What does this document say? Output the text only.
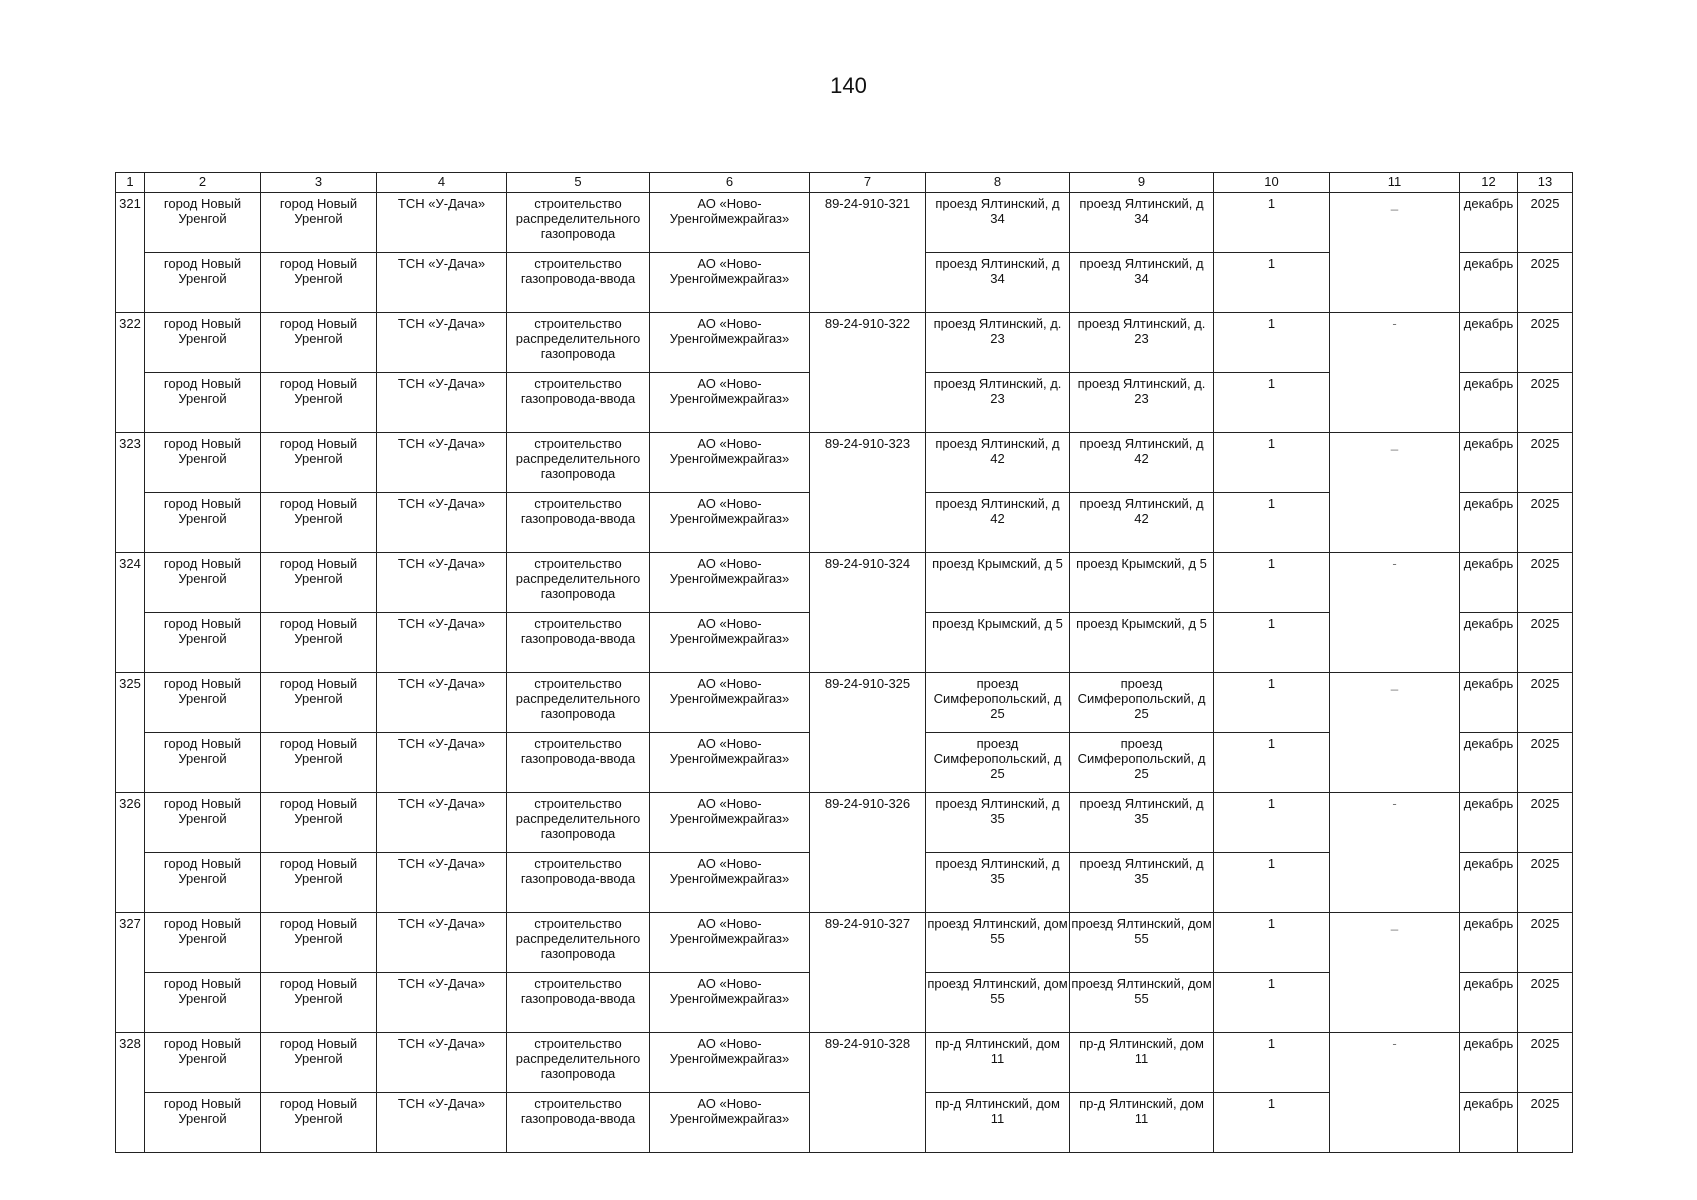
140
1	2	3	4	5	6	7	8	9	10	11	12	13
321	город Новый Уренгой	город Новый Уренгой	ТСН «У-Дача»	строительство распределительного газопровода	АО «Ново-Уренгоймежрайгаз»	89-24-910-321	проезд Ялтинский, д 34	проезд Ялтинский, д 34	1	_	декабрь	2025
	город Новый Уренгой	город Новый Уренгой	ТСН «У-Дача»	строительство газопровода-ввода	АО «Ново-Уренгоймежрайгаз»		проезд Ялтинский, д 34	проезд Ялтинский, д 34	1		декабрь	2025
322	город Новый Уренгой	город Новый Уренгой	ТСН «У-Дача»	строительство распределительного газопровода	АО «Ново-Уренгоймежрайгаз»	89-24-910-322	проезд Ялтинский, д. 23	проезд Ялтинский, д. 23	1	-	декабрь	2025
	город Новый Уренгой	город Новый Уренгой	ТСН «У-Дача»	строительство газопровода-ввода	АО «Ново-Уренгоймежрайгаз»		проезд Ялтинский, д. 23	проезд Ялтинский, д. 23	1		декабрь	2025
323	город Новый Уренгой	город Новый Уренгой	ТСН «У-Дача»	строительство распределительного газопровода	АО «Ново-Уренгоймежрайгаз»	89-24-910-323	проезд Ялтинский, д 42	проезд Ялтинский, д 42	1	_	декабрь	2025
	город Новый Уренгой	город Новый Уренгой	ТСН «У-Дача»	строительство газопровода-ввода	АО «Ново-Уренгоймежрайгаз»		проезд Ялтинский, д 42	проезд Ялтинский, д 42	1		декабрь	2025
324	город Новый Уренгой	город Новый Уренгой	ТСН «У-Дача»	строительство распределительного газопровода	АО «Ново-Уренгоймежрайгаз»	89-24-910-324	проезд Крымский, д 5	проезд Крымский, д 5	1	-	декабрь	2025
	город Новый Уренгой	город Новый Уренгой	ТСН «У-Дача»	строительство газопровода-ввода	АО «Ново-Уренгоймежрайгаз»		проезд Крымский, д 5	проезд Крымский, д 5	1		декабрь	2025
325	город Новый Уренгой	город Новый Уренгой	ТСН «У-Дача»	строительство распределительного газопровода	АО «Ново-Уренгоймежрайгаз»	89-24-910-325	проезд Симферопольский, д 25	проезд Симферопольский, д 25	1	_	декабрь	2025
	город Новый Уренгой	город Новый Уренгой	ТСН «У-Дача»	строительство газопровода-ввода	АО «Ново-Уренгоймежрайгаз»		проезд Симферопольский, д 25	проезд Симферопольский, д 25	1		декабрь	2025
326	город Новый Уренгой	город Новый Уренгой	ТСН «У-Дача»	строительство распределительного газопровода	АО «Ново-Уренгоймежрайгаз»	89-24-910-326	проезд Ялтинский, д 35	проезд Ялтинский, д 35	1	-	декабрь	2025
	город Новый Уренгой	город Новый Уренгой	ТСН «У-Дача»	строительство газопровода-ввода	АО «Ново-Уренгоймежрайгаз»		проезд Ялтинский, д 35	проезд Ялтинский, д 35	1		декабрь	2025
327	город Новый Уренгой	город Новый Уренгой	ТСН «У-Дача»	строительство распределительного газопровода	АО «Ново-Уренгоймежрайгаз»	89-24-910-327	проезд Ялтинский, дом 55	проезд Ялтинский, дом 55	1	_	декабрь	2025
	город Новый Уренгой	город Новый Уренгой	ТСН «У-Дача»	строительство газопровода-ввода	АО «Ново-Уренгоймежрайгаз»		проезд Ялтинский, дом 55	проезд Ялтинский, дом 55	1		декабрь	2025
328	город Новый Уренгой	город Новый Уренгой	ТСН «У-Дача»	строительство распределительного газопровода	АО «Ново-Уренгоймежрайгаз»	89-24-910-328	пр-д Ялтинский, дом 11	пр-д Ялтинский, дом 11	1	-	декабрь	2025
	город Новый Уренгой	город Новый Уренгой	ТСН «У-Дача»	строительство газопровода-ввода	АО «Ново-Уренгоймежрайгаз»		пр-д Ялтинский, дом 11	пр-д Ялтинский, дом 11	1		декабрь	2025
